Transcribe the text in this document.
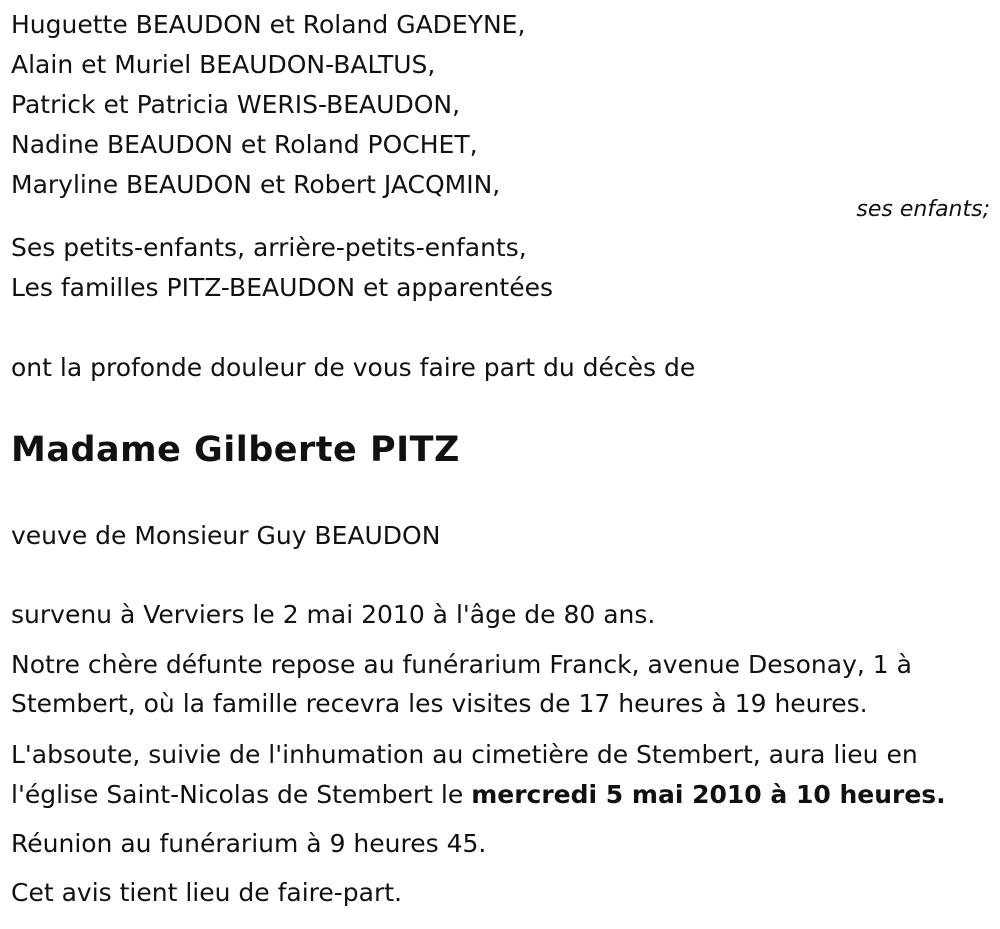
Huguette BEAUDON et Roland GADEYNE,
Alain et Muriel BEAUDON-BALTUS,
Patrick et Patricia WERIS-BEAUDON,
Nadine BEAUDON et Roland POCHET,
Maryline BEAUDON et Robert JACQMIN,
ses enfants;
Ses petits-enfants, arrière-petits-enfants,
Les familles PITZ-BEAUDON et apparentées
ont la profonde douleur de vous faire part du décès de
Madame Gilberte PITZ
veuve de Monsieur Guy BEAUDON
survenu à Verviers le 2 mai 2010 à l'âge de 80 ans.
Notre chère défunte repose au funérarium Franck, avenue Desonay, 1 à
Stembert, où la famille recevra les visites de 17 heures à 19 heures.
L'absoute, suivie de l'inhumation au cimetière de Stembert, aura lieu en
l'église Saint-Nicolas de Stembert le mercredi 5 mai 2010 à 10 heures.
Réunion au funérarium à 9 heures 45.
Cet avis tient lieu de faire-part.
